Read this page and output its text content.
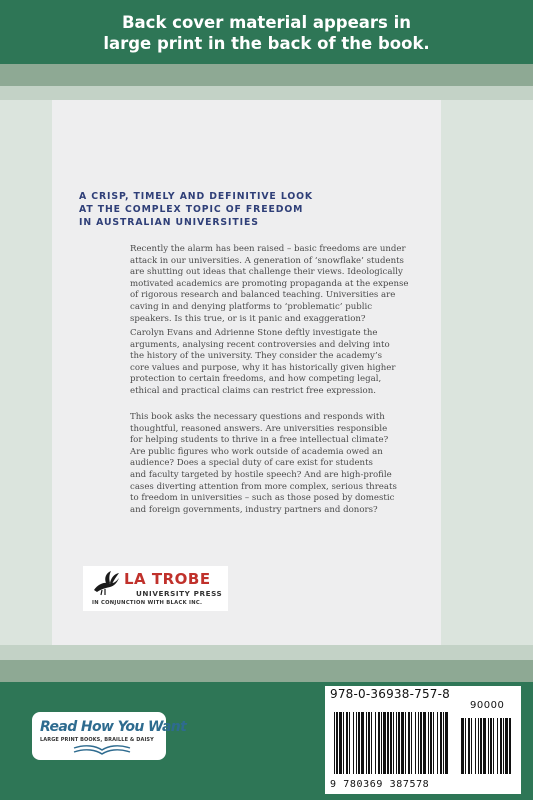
Back cover material appears in
large print in the back of the book.
A CRISP, TIMELY AND DEFINITIVE LOOK
AT THE COMPLEX TOPIC OF FREEDOM
IN AUSTRALIAN UNIVERSITIES
Recently the alarm has been raised – basic freedoms are under
attack in our universities. A generation of ‘snowflake’ students
are shutting out ideas that challenge their views. Ideologically
motivated academics are promoting propaganda at the expense
of rigorous research and balanced teaching. Universities are
caving in and denying platforms to ‘problematic’ public
speakers. Is this true, or is it panic and exaggeration?
Carolyn Evans and Adrienne Stone deftly investigate the
arguments, analysing recent controversies and delving into
the history of the university. They consider the academy’s
core values and purpose, why it has historically given higher
protection to certain freedoms, and how competing legal,
ethical and practical claims can restrict free expression.
This book asks the necessary questions and responds with
thoughtful, reasoned answers. Are universities responsible
for helping students to thrive in a free intellectual climate?
Are public figures who work outside of academia owed an
audience? Does a special duty of care exist for students
and faculty targeted by hostile speech? And are high-profile
cases diverting attention from more complex, serious threats
to freedom in universities – such as those posed by domestic
and foreign governments, industry partners and donors?
LA TROBE
UNIVERSITY PRESS
IN CONJUNCTION WITH BLACK INC.
Read How You Want
LARGE PRINT BOOKS, BRAILLE & DAISY
978-0-36938-757-8
90000
9 780369 387578
